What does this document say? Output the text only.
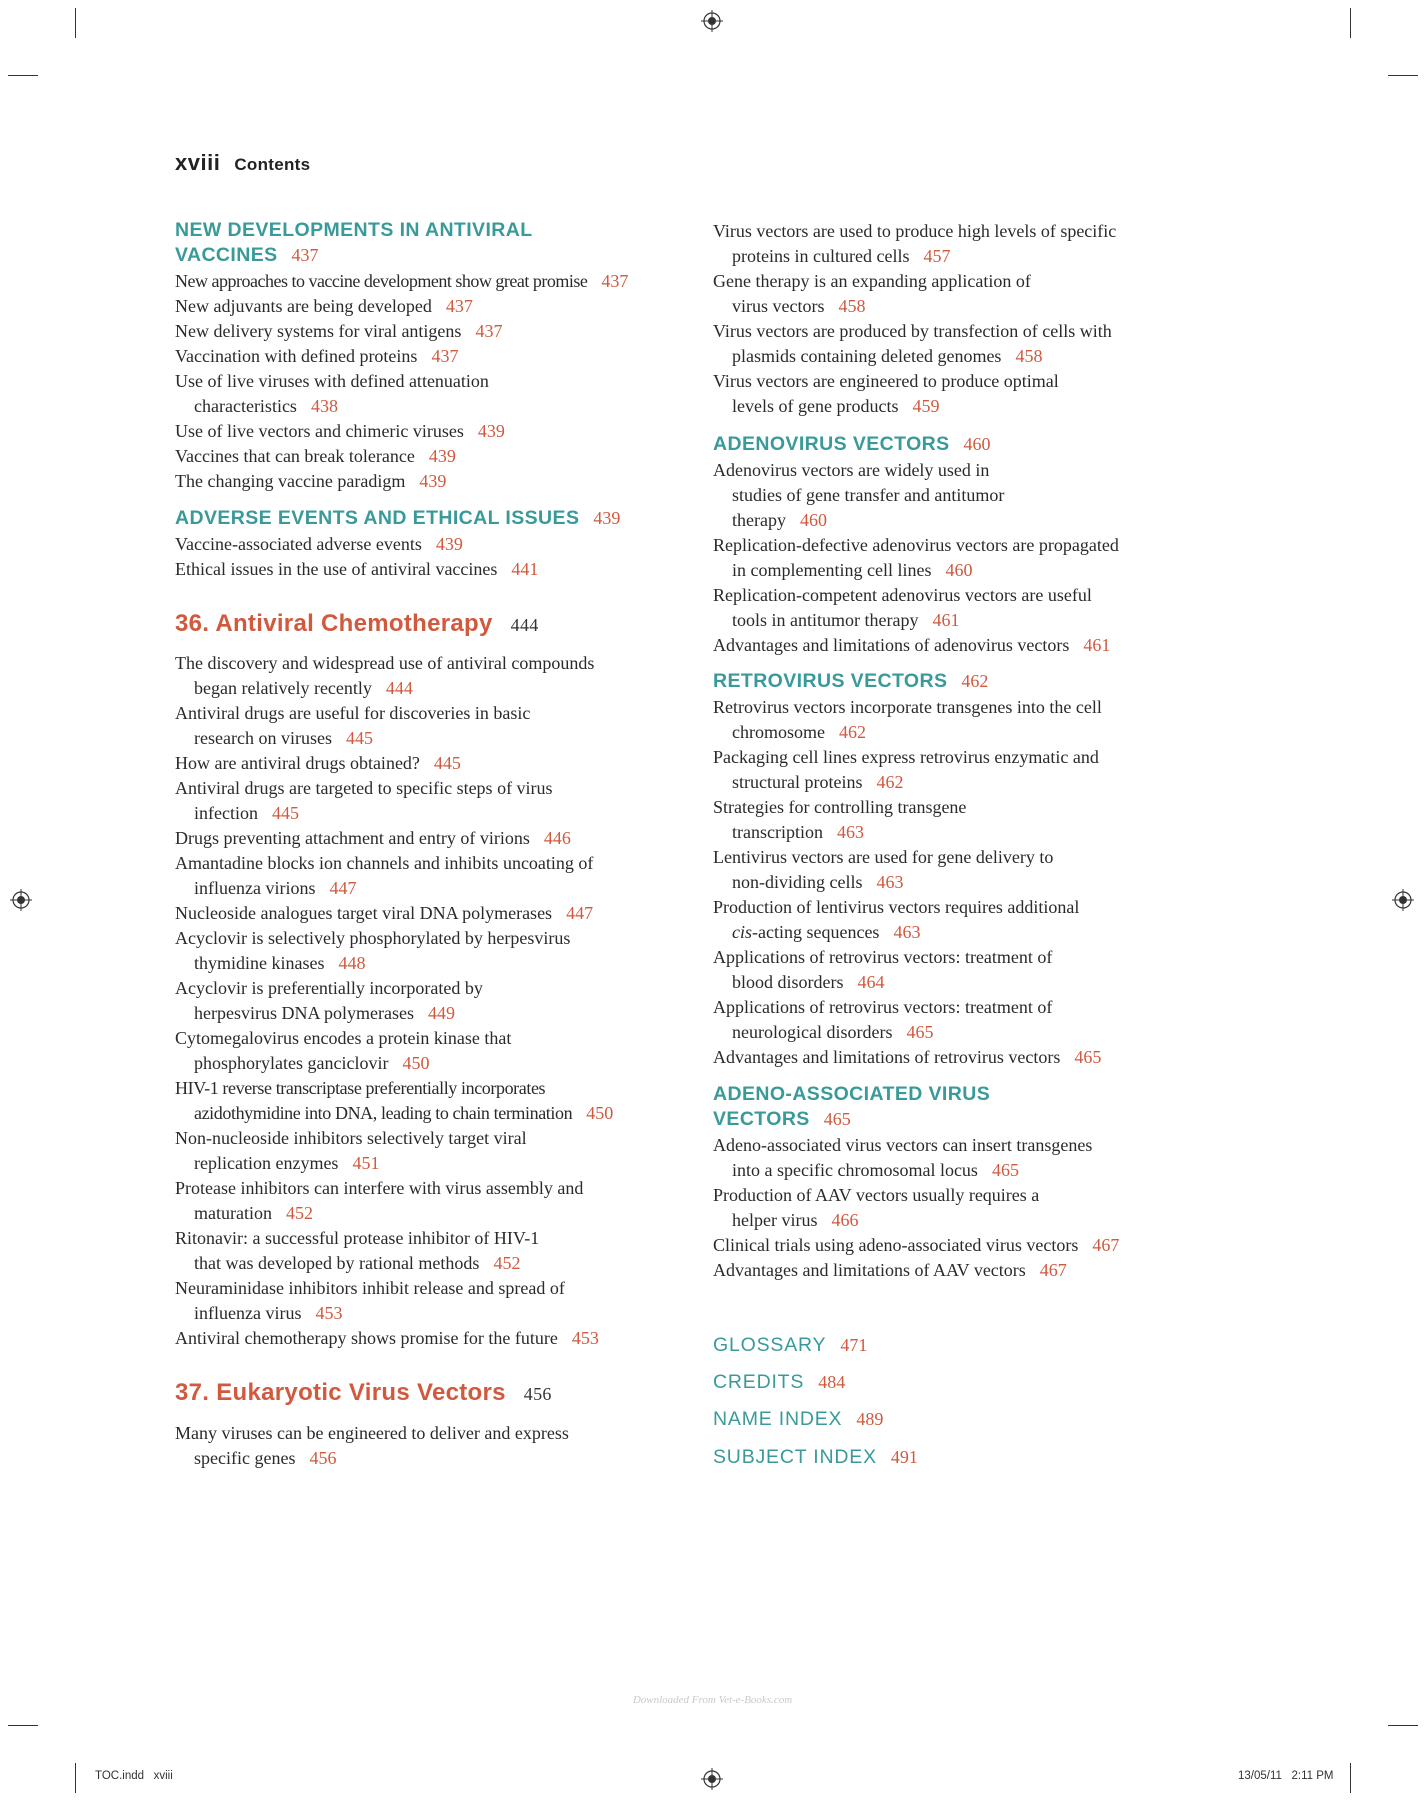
xviii Contents
NEW DEVELOPMENTS IN ANTIVIRAL
VACCINES 437
New approaches to vaccine development show great promise 437
New adjuvants are being developed 437
New delivery systems for viral antigens 437
Vaccination with defined proteins 437
Use of live viruses with defined attenuation
characteristics 438
Use of live vectors and chimeric viruses 439
Vaccines that can break tolerance 439
The changing vaccine paradigm 439
ADVERSE EVENTS AND ETHICAL ISSUES 439
Vaccine-associated adverse events 439
Ethical issues in the use of antiviral vaccines 441
36. Antiviral Chemotherapy 444
The discovery and widespread use of antiviral compounds
began relatively recently 444
Antiviral drugs are useful for discoveries in basic
research on viruses 445
How are antiviral drugs obtained? 445
Antiviral drugs are targeted to specific steps of virus
infection 445
Drugs preventing attachment and entry of virions 446
Amantadine blocks ion channels and inhibits uncoating of
influenza virions 447
Nucleoside analogues target viral DNA polymerases 447
Acyclovir is selectively phosphorylated by herpesvirus
thymidine kinases 448
Acyclovir is preferentially incorporated by
herpesvirus DNA polymerases 449
Cytomegalovirus encodes a protein kinase that
phosphorylates ganciclovir 450
HIV-1 reverse transcriptase preferentially incorporates
azidothymidine into DNA, leading to chain termination 450
Non-nucleoside inhibitors selectively target viral
replication enzymes 451
Protease inhibitors can interfere with virus assembly and
maturation 452
Ritonavir: a successful protease inhibitor of HIV-1
that was developed by rational methods 452
Neuraminidase inhibitors inhibit release and spread of
influenza virus 453
Antiviral chemotherapy shows promise for the future 453
37. Eukaryotic Virus Vectors 456
Many viruses can be engineered to deliver and express
specific genes 456
Virus vectors are used to produce high levels of specific
proteins in cultured cells 457
Gene therapy is an expanding application of
virus vectors 458
Virus vectors are produced by transfection of cells with
plasmids containing deleted genomes 458
Virus vectors are engineered to produce optimal
levels of gene products 459
ADENOVIRUS VECTORS 460
Adenovirus vectors are widely used in
studies of gene transfer and antitumor
therapy 460
Replication-defective adenovirus vectors are propagated
in complementing cell lines 460
Replication-competent adenovirus vectors are useful
tools in antitumor therapy 461
Advantages and limitations of adenovirus vectors 461
RETROVIRUS VECTORS 462
Retrovirus vectors incorporate transgenes into the cell
chromosome 462
Packaging cell lines express retrovirus enzymatic and
structural proteins 462
Strategies for controlling transgene
transcription 463
Lentivirus vectors are used for gene delivery to
non-dividing cells 463
Production of lentivirus vectors requires additional
cis-acting sequences 463
Applications of retrovirus vectors: treatment of
blood disorders 464
Applications of retrovirus vectors: treatment of
neurological disorders 465
Advantages and limitations of retrovirus vectors 465
ADENO-ASSOCIATED VIRUS
VECTORS 465
Adeno-associated virus vectors can insert transgenes
into a specific chromosomal locus 465
Production of AAV vectors usually requires a
helper virus 466
Clinical trials using adeno-associated virus vectors 467
Advantages and limitations of AAV vectors 467
GLOSSARY 471
CREDITS 484
NAME INDEX 489
SUBJECT INDEX 491
Downloaded From Vet-e-Books.com
TOC.indd   xviii	13/05/11   2:11 PM
